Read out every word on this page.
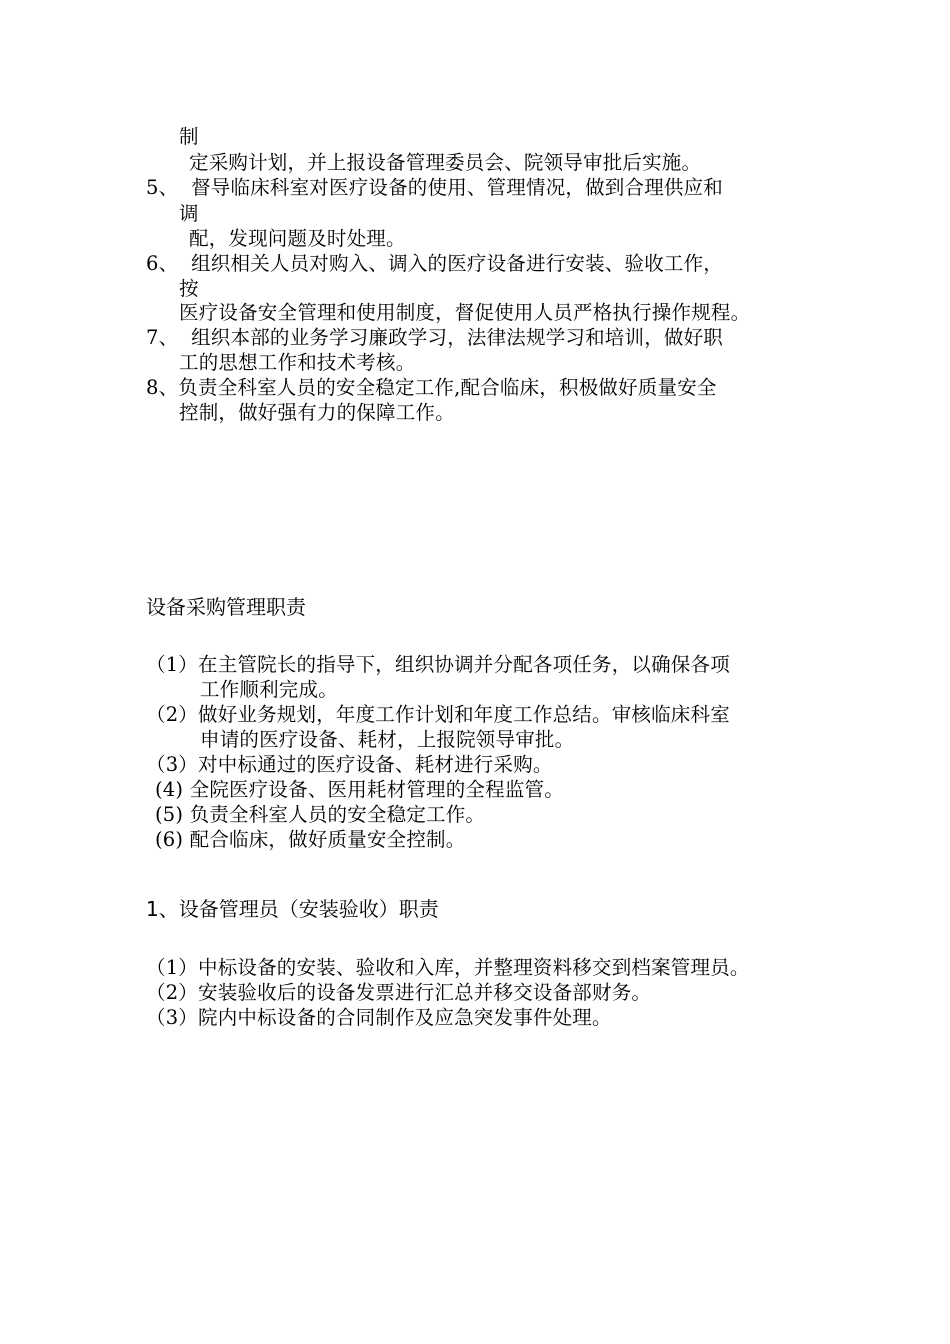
制
定采购计划，并上报设备管理委员会、院领导审批后实施。
5、  督导临床科室对医疗设备的使用、管理情况，做到合理供应和
调
配，发现问题及时处理。
6、  组织相关人员对购入、调入的医疗设备进行安装、验收工作，
按
医疗设备安全管理和使用制度，督促使用人员严格执行操作规程。
7、  组织本部的业务学习廉政学习，法律法规学习和培训，做好职
工的思想工作和技术考核。
8、负责全科室人员的安全稳定工作,配合临床，积极做好质量安全
控制，做好强有力的保障工作。
设备采购管理职责
（1）在主管院长的指导下，组织协调并分配各项任务，以确保各项
工作顺利完成。
（2）做好业务规划，年度工作计划和年度工作总结。审核临床科室
申请的医疗设备、耗材，上报院领导审批。
（3）对中标通过的医疗设备、耗材进行采购。
(4) 全院医疗设备、医用耗材管理的全程监管。
(5) 负责全科室人员的安全稳定工作。
(6) 配合临床，做好质量安全控制。
1、设备管理员（安装验收）职责
（1）中标设备的安装、验收和入库，并整理资料移交到档案管理员。
（2）安装验收后的设备发票进行汇总并移交设备部财务。
（3）院内中标设备的合同制作及应急突发事件处理。
